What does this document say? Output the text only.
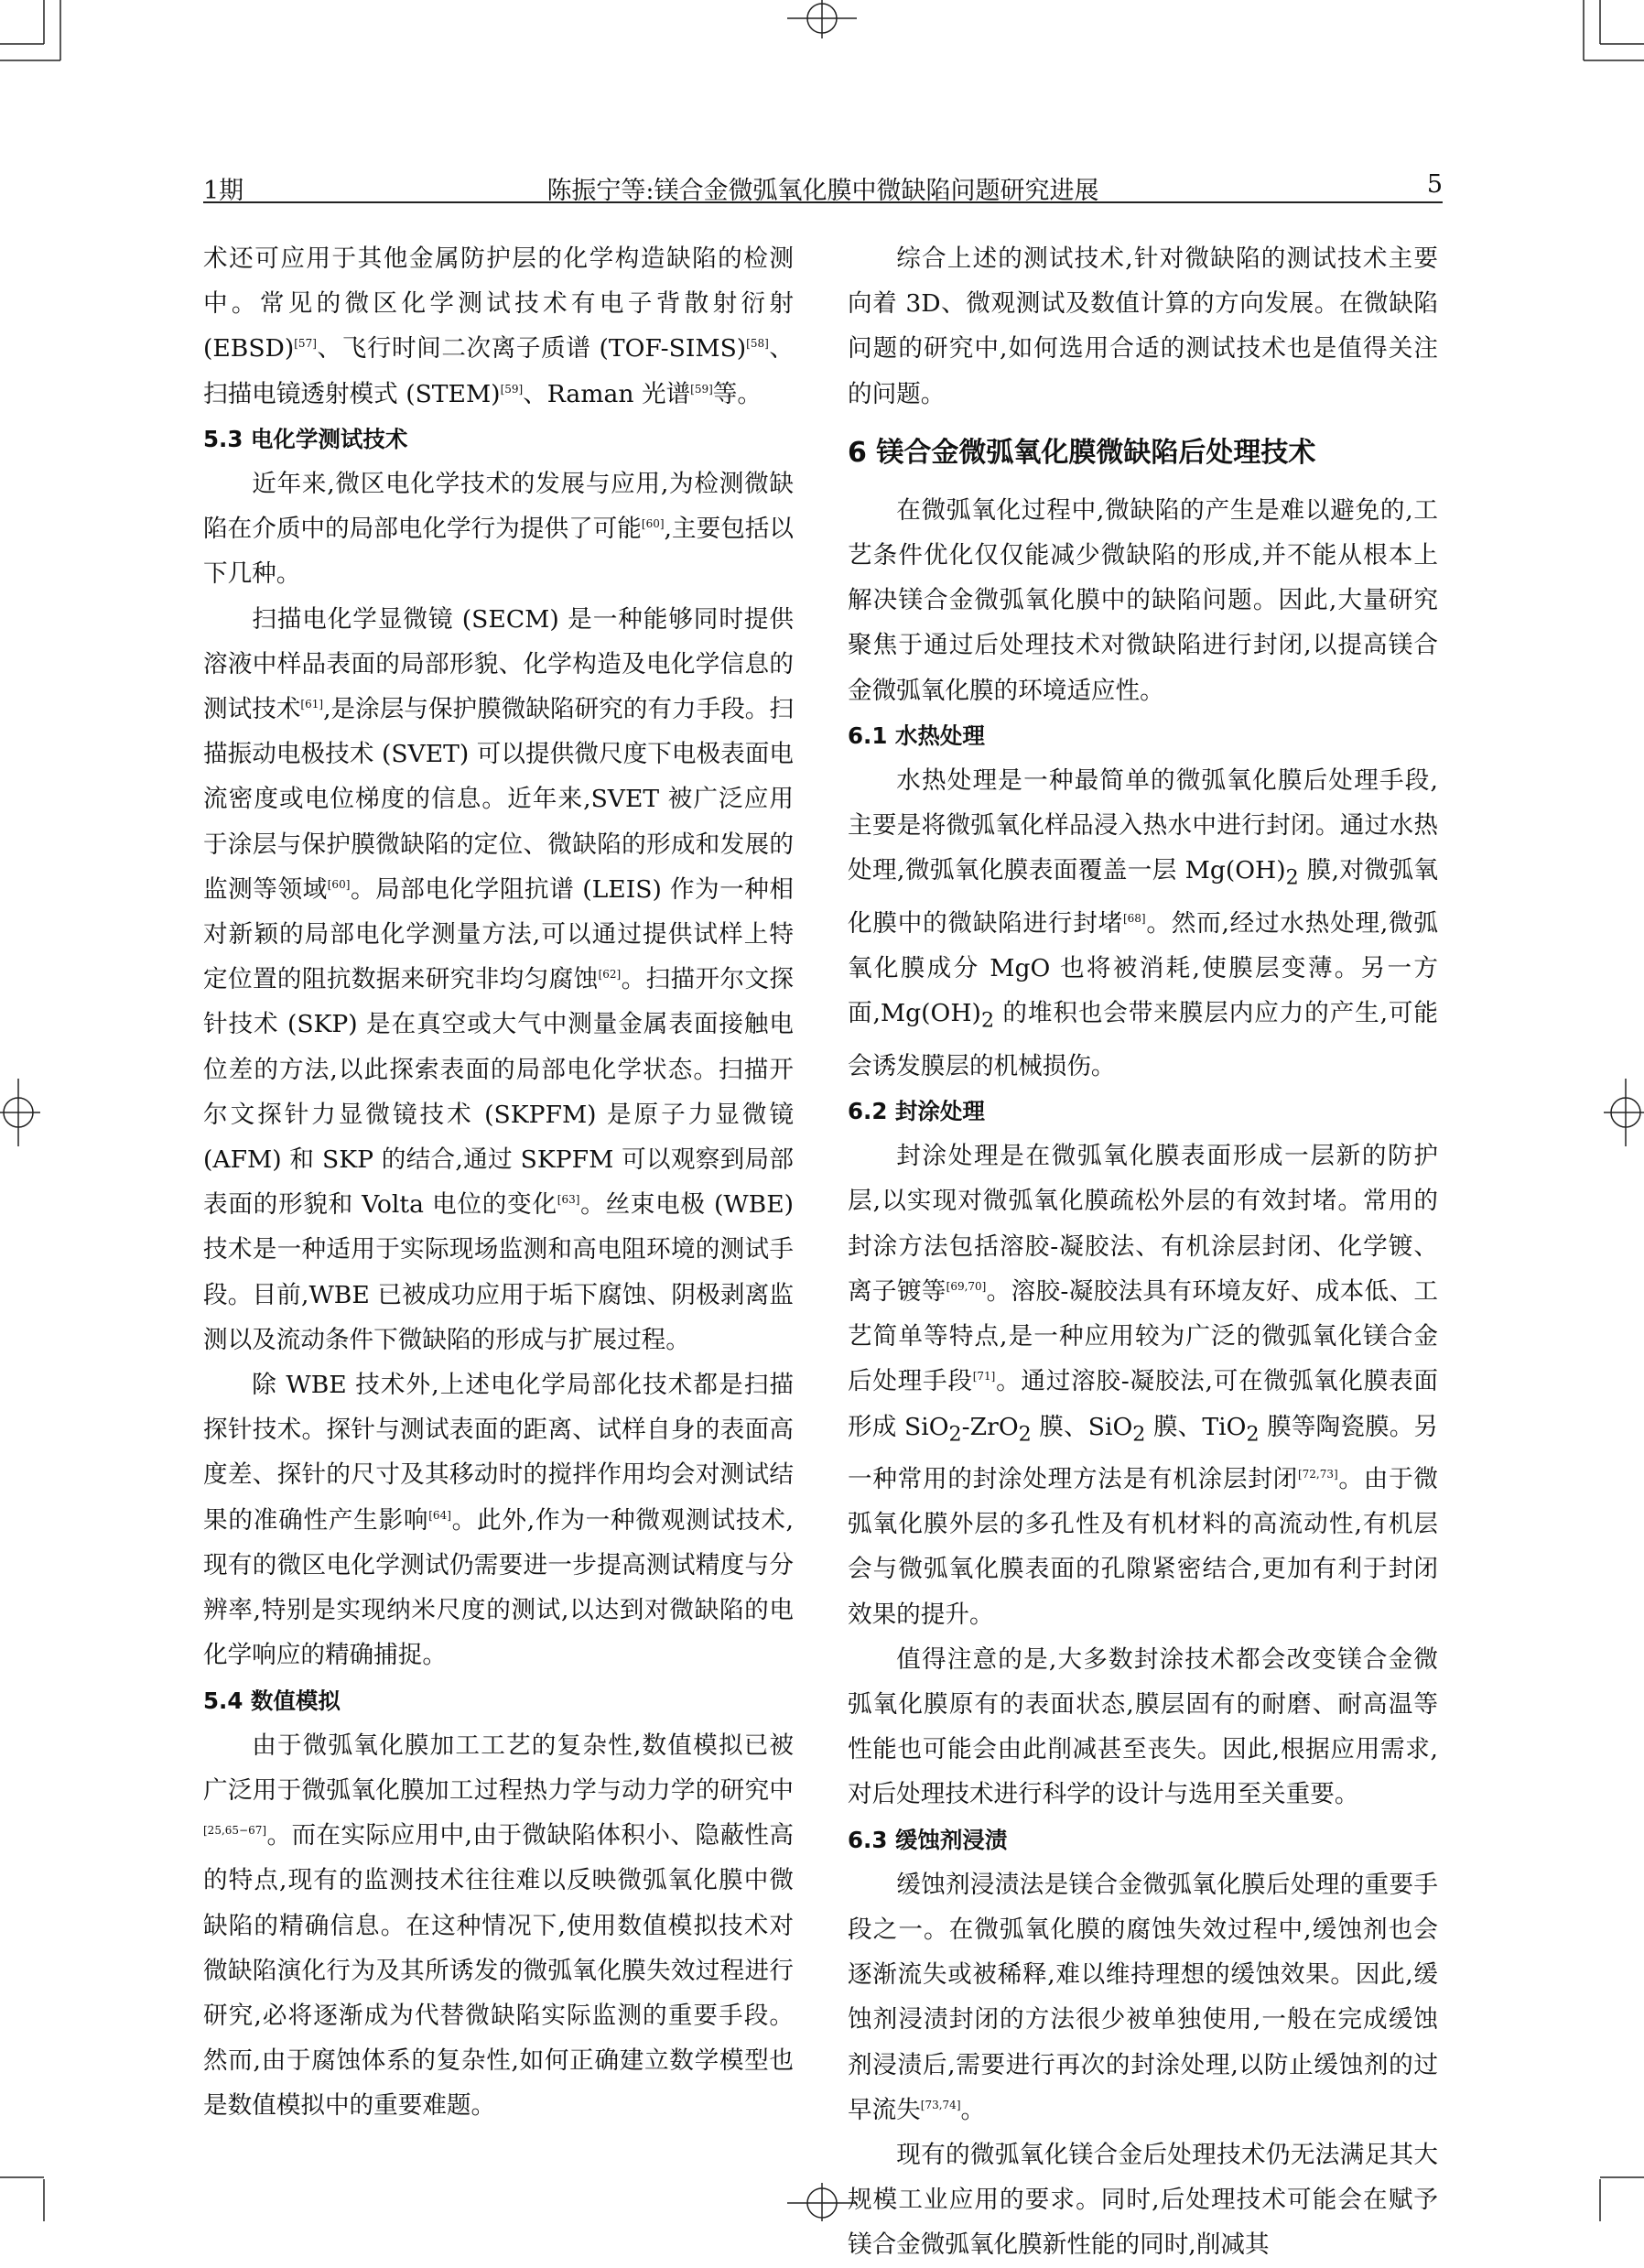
1期	陈振宁等:镁合金微弧氧化膜中微缺陷问题研究进展	5

术还可应用于其他金属防护层的化学构造缺陷的检测中。常见的微区化学测试技术有电子背散射衍射(EBSD)[57]、飞行时间二次离子质谱 (TOF-SIMS)[58]、扫描电镜透射模式 (STEM)[59]、Raman 光谱[59]等。

5.3 电化学测试技术

近年来,微区电化学技术的发展与应用,为检测微缺陷在介质中的局部电化学行为提供了可能[60],主要包括以下几种。

扫描电化学显微镜 (SECM) 是一种能够同时提供溶液中样品表面的局部形貌、化学构造及电化学信息的测试技术[61],是涂层与保护膜微缺陷研究的有力手段。扫描振动电极技术 (SVET) 可以提供微尺度下电极表面电流密度或电位梯度的信息。近年来,SVET 被广泛应用于涂层与保护膜微缺陷的定位、微缺陷的形成和发展的监测等领域[60]。局部电化学阻抗谱 (LEIS) 作为一种相对新颖的局部电化学测量方法,可以通过提供试样上特定位置的阻抗数据来研究非均匀腐蚀[62]。扫描开尔文探针技术 (SKP) 是在真空或大气中测量金属表面接触电位差的方法,以此探索表面的局部电化学状态。扫描开尔文探针力显微镜技术 (SKPFM) 是原子力显微镜 (AFM) 和 SKP 的结合,通过 SKPFM 可以观察到局部表面的形貌和 Volta 电位的变化[63]。丝束电极 (WBE) 技术是一种适用于实际现场监测和高电阻环境的测试手段。目前,WBE 已被成功应用于垢下腐蚀、阴极剥离监测以及流动条件下微缺陷的形成与扩展过程。

除 WBE 技术外,上述电化学局部化技术都是扫描探针技术。探针与测试表面的距离、试样自身的表面高度差、探针的尺寸及其移动时的搅拌作用均会对测试结果的准确性产生影响[64]。此外,作为一种微观测试技术,现有的微区电化学测试仍需要进一步提高测试精度与分辨率,特别是实现纳米尺度的测试,以达到对微缺陷的电化学响应的精确捕捉。

5.4 数值模拟

由于微弧氧化膜加工工艺的复杂性,数值模拟已被广泛用于微弧氧化膜加工过程热力学与动力学的研究中[25,65−67]。而在实际应用中,由于微缺陷体积小、隐蔽性高的特点,现有的监测技术往往难以反映微弧氧化膜中微缺陷的精确信息。在这种情况下,使用数值模拟技术对微缺陷演化行为及其所诱发的微弧氧化膜失效过程进行研究,必将逐渐成为代替微缺陷实际监测的重要手段。然而,由于腐蚀体系的复杂性,如何正确建立数学模型也是数值模拟中的重要难题。

综合上述的测试技术,针对微缺陷的测试技术主要向着 3D、微观测试及数值计算的方向发展。在微缺陷问题的研究中,如何选用合适的测试技术也是值得关注的问题。

6 镁合金微弧氧化膜微缺陷后处理技术

在微弧氧化过程中,微缺陷的产生是难以避免的,工艺条件优化仅仅能减少微缺陷的形成,并不能从根本上解决镁合金微弧氧化膜中的缺陷问题。因此,大量研究聚焦于通过后处理技术对微缺陷进行封闭,以提高镁合金微弧氧化膜的环境适应性。

6.1 水热处理

水热处理是一种最简单的微弧氧化膜后处理手段,主要是将微弧氧化样品浸入热水中进行封闭。通过水热处理,微弧氧化膜表面覆盖一层 $Mg(OH)_2$ 膜,对微弧氧化膜中的微缺陷进行封堵[68]。然而,经过水热处理,微弧氧化膜成分 MgO 也将被消耗,使膜层变薄。另一方面$,Mg(OH)_2$ 的堆积也会带来膜层内应力的产生,可能会诱发膜层的机械损伤。

6.2 封涂处理

封涂处理是在微弧氧化膜表面形成一层新的防护层,以实现对微弧氧化膜疏松外层的有效封堵。常用的封涂方法包括溶胶-凝胶法、有机涂层封闭、化学镀、离子镀等[69,70]。溶胶-凝胶法具有环境友好、成本低、工艺简单等特点,是一种应用较为广泛的微弧氧化镁合金后处理手段[71]。通过溶胶-凝胶法,可在微弧氧化膜表面形成 SiO$_2$-ZrO$_2$ 膜、SiO$_2$ 膜、TiO$_2$ 膜等陶瓷膜。另一种常用的封涂处理方法是有机涂层封闭[72,73]。由于微弧氧化膜外层的多孔性及有机材料的高流动性,有机层会与微弧氧化膜表面的孔隙紧密结合,更加有利于封闭效果的提升。

值得注意的是,大多数封涂技术都会改变镁合金微弧氧化膜原有的表面状态,膜层固有的耐磨、耐高温等性能也可能会由此削减甚至丧失。因此,根据应用需求,对后处理技术进行科学的设计与选用至关重要。

6.3 缓蚀剂浸渍

缓蚀剂浸渍法是镁合金微弧氧化膜后处理的重要手段之一。在微弧氧化膜的腐蚀失效过程中,缓蚀剂也会逐渐流失或被稀释,难以维持理想的缓蚀效果。因此,缓蚀剂浸渍封闭的方法很少被单独使用,一般在完成缓蚀剂浸渍后,需要进行再次的封涂处理,以防止缓蚀剂的过早流失[73,74]。

现有的微弧氧化镁合金后处理技术仍无法满足其大规模工业应用的要求。同时,后处理技术可能会在赋予镁合金微弧氧化膜新性能的同时,削减其
